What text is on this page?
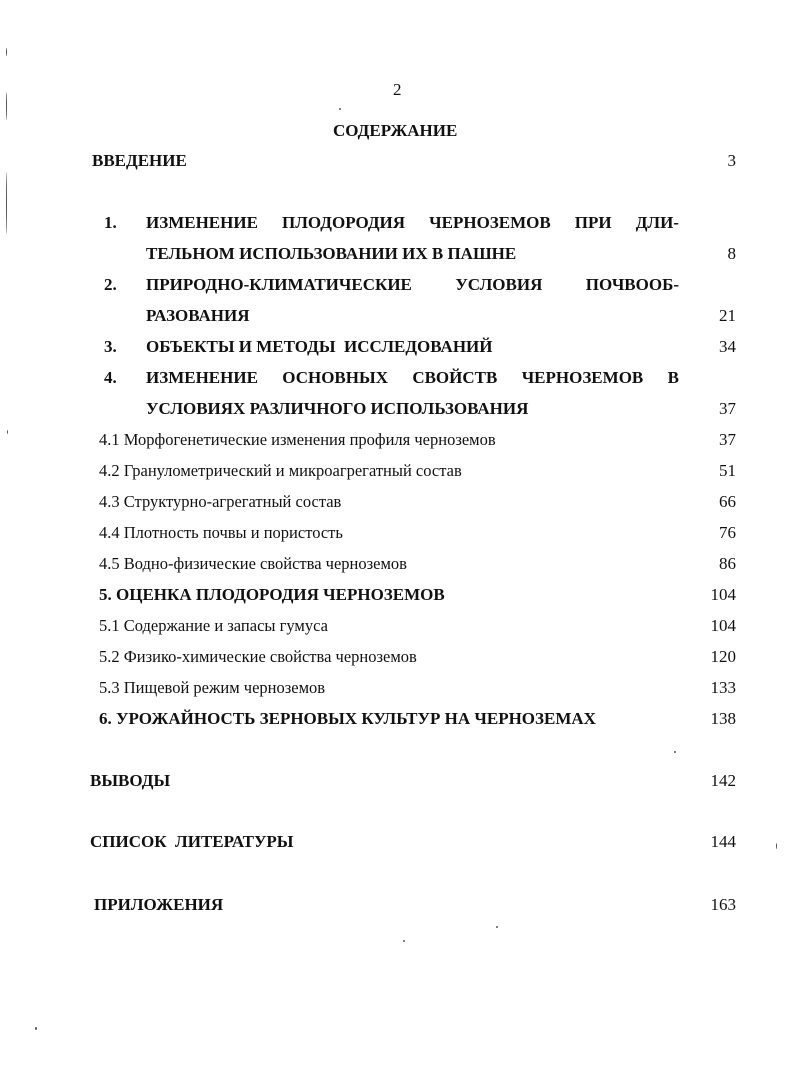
2
СОДЕРЖАНИЕ
ВВЕДЕНИЕ	3
1. ИЗМЕНЕНИЕ ПЛОДОРОДИЯ ЧЕРНОЗЕМОВ ПРИ ДЛИ-
ТЕЛЬНОМ ИСПОЛЬЗОВАНИИ ИХ В ПАШНЕ	8
2. ПРИРОДНО-КЛИМАТИЧЕСКИЕ	УСЛОВИЯ	ПОЧВООБ-
РАЗОВАНИЯ	21
3. ОБЪЕКТЫ И МЕТОДЫ  ИССЛЕДОВАНИЙ	34
4. ИЗМЕНЕНИЕ ОСНОВНЫХ СВОЙСТВ ЧЕРНОЗЕМОВ В
УСЛОВИЯХ РАЗЛИЧНОГО ИСПОЛЬЗОВАНИЯ	37
4.1 Морфогенетические изменения профиля черноземов	37
4.2 Гранулометрический и микроагрегатный состав	51
4.3 Структурно-агрегатный состав	66
4.4 Плотность почвы и пористость	76
4.5 Водно-физические свойства черноземов	86
5. ОЦЕНКА ПЛОДОРОДИЯ ЧЕРНОЗЕМОВ	104
5.1 Содержание и запасы гумуса	104
5.2 Физико-химические свойства черноземов	120
5.3 Пищевой режим черноземов	133
6. УРОЖАЙНОСТЬ ЗЕРНОВЫХ КУЛЬТУР НА ЧЕРНОЗЕМАХ	138
ВЫВОДЫ	142
СПИСОК  ЛИТЕРАТУРЫ	144
ПРИЛОЖЕНИЯ	163
